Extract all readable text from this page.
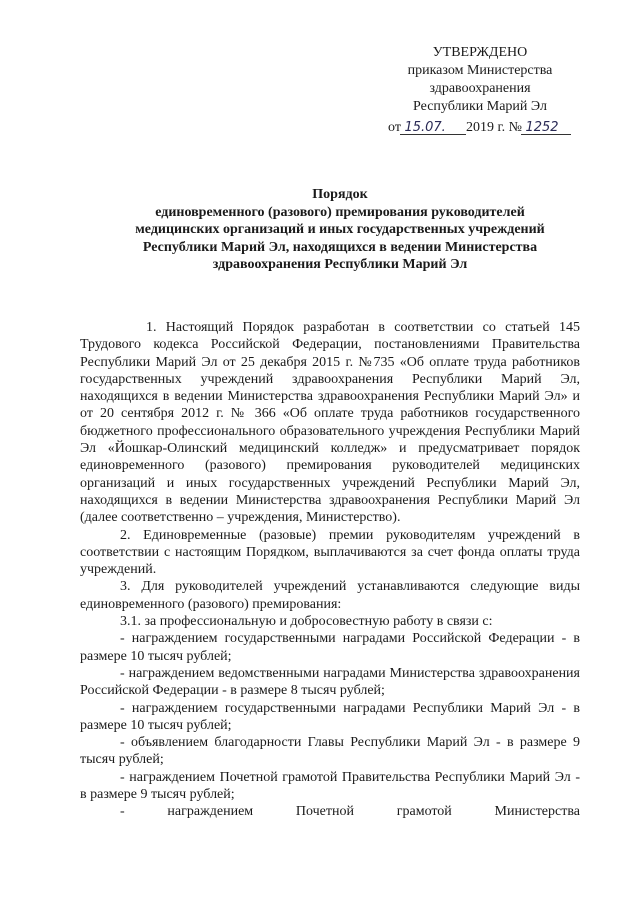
УТВЕРЖДЕНО
приказом Министерства
здравоохранения
Республики Марий Эл
от 15.07. 2019 г. № 1252
Порядок
единовременного (разового) премирования руководителей
медицинских организаций и иных государственных учреждений
Республики Марий Эл, находящихся в ведении Министерства
здравоохранения Республики Марий Эл

1. Настоящий Порядок разработан в соответствии со статьей 145 Трудового кодекса Российской Федерации, постановлениями Правительства Республики Марий Эл от 25 декабря 2015 г. №735 «Об оплате труда работников государственных учреждений здравоохранения Республики Марий Эл, находящихся в ведении Министерства здравоохранения Республики Марий Эл» и от 20 сентября 2012 г. № 366 «Об оплате труда работников государственного бюджетного профессионального образовательного учреждения Республики Марий Эл «Йошкар-Олинский медицинский колледж» и предусматривает порядок единовременного (разового) премирования руководителей медицинских организаций и иных государственных учреждений Республики Марий Эл, находящихся в ведении Министерства здравоохранения Республики Марий Эл (далее соответственно – учреждения, Министерство).

2. Единовременные (разовые) премии руководителям учреждений в соответствии с настоящим Порядком, выплачиваются за счет фонда оплаты труда учреждений.

3. Для руководителей учреждений устанавливаются следующие виды единовременного (разового) премирования:

3.1. за профессиональную и добросовестную работу в связи с:

- награждением государственными наградами Российской Федерации - в размере 10 тысяч рублей;

- награждением ведомственными наградами Министерства здравоохранения Российской Федерации - в размере 8 тысяч рублей;

- награждением государственными наградами Республики Марий Эл - в размере 10 тысяч рублей;

- объявлением благодарности Главы Республики Марий Эл - в размере 9 тысяч рублей;

- награждением Почетной грамотой Правительства Республики Марий Эл - в размере 9 тысяч рублей;

- награждением Почетной грамотой Министерства
